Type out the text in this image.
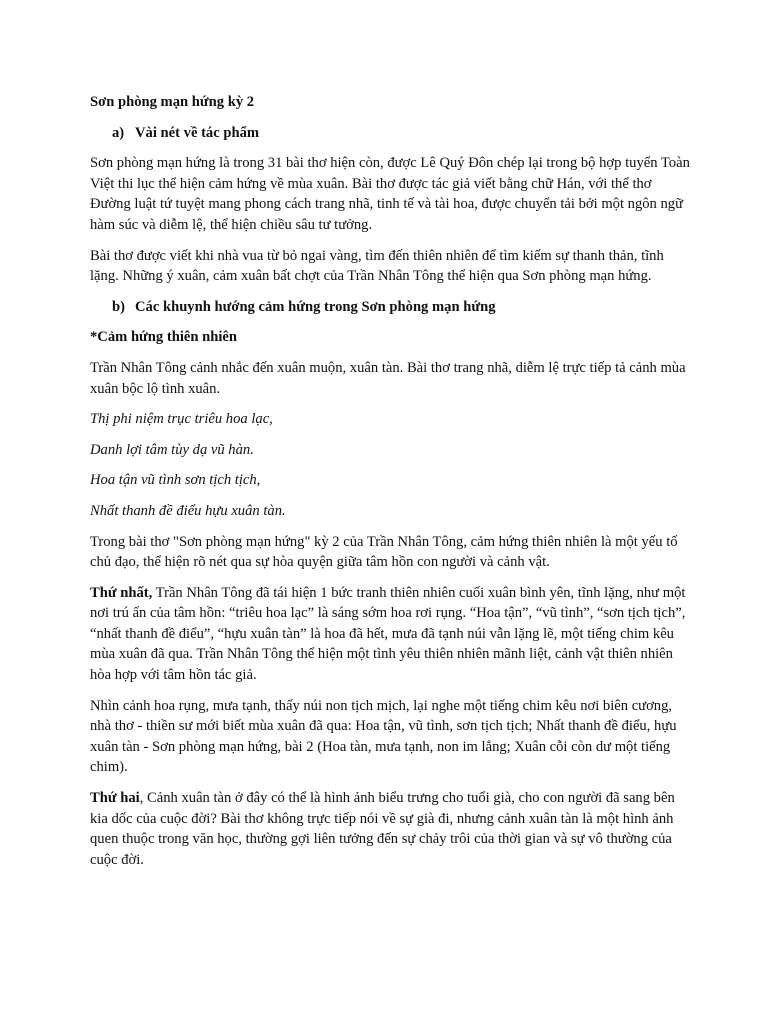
Sơn phòng mạn hứng kỳ 2

a) Vài nét về tác phẩm

Sơn phòng mạn hứng là trong 31 bài thơ hiện còn, được Lê Quý Đôn chép lại trong bộ hợp tuyển Toàn Việt thi lục thể hiện cảm hứng về mùa xuân. Bài thơ được tác giả viết bằng chữ Hán, với thể thơ Đường luật tứ tuyệt mang phong cách trang nhã, tinh tế và tài hoa, được chuyển tải bởi một ngôn ngữ hàm súc và diễm lệ, thể hiện chiều sâu tư tưởng.

Bài thơ được viết khi nhà vua từ bỏ ngai vàng, tìm đến thiên nhiên để tìm kiếm sự thanh thản, tĩnh lặng. Những ý xuân, cảm xuân bất chợt của Trần Nhân Tông thể hiện qua Sơn phòng mạn hứng.

b) Các khuynh hướng cảm hứng trong Sơn phòng mạn hứng

*Cảm hứng thiên nhiên

Trần Nhân Tông cảnh nhắc đến xuân muộn, xuân tàn. Bài thơ trang nhã, diễm lệ trực tiếp tả cảnh mùa xuân bộc lộ tình xuân.

Thị phi niệm trục triêu hoa lạc,

Danh lợi tâm tùy dạ vũ hàn.

Hoa tận vũ tình sơn tịch tịch,

Nhất thanh đề điểu hựu xuân tàn.

Trong bài thơ "Sơn phòng mạn hứng" kỳ 2 của Trần Nhân Tông, cảm hứng thiên nhiên là một yếu tố chủ đạo, thể hiện rõ nét qua sự hòa quyện giữa tâm hồn con người và cảnh vật.

Thứ nhất, Trần Nhân Tông đã tái hiện 1 bức tranh thiên nhiên cuối xuân bình yên, tĩnh lặng, như một nơi trú ẩn của tâm hồn: “triêu hoa lạc” là sáng sớm hoa rơi rụng. “Hoa tận”, “vũ tình”, “sơn tịch tịch”, “nhất thanh đề điểu”, “hựu xuân tàn” là hoa đã hết, mưa đã tạnh núi vẫn lặng lẽ, một tiếng chim kêu mùa xuân đã qua. Trần Nhân Tông thể hiện một tình yêu thiên nhiên mãnh liệt, cảnh vật thiên nhiên hòa hợp với tâm hồn tác giả.

Nhìn cảnh hoa rụng, mưa tạnh, thấy núi non tịch mịch, lại nghe một tiếng chim kêu nơi biên cương, nhà thơ - thiền sư mới biết mùa xuân đã qua: Hoa tận, vũ tình, sơn tịch tịch; Nhất thanh đề điểu, hựu xuân tàn - Sơn phòng mạn hứng, bài 2 (Hoa tàn, mưa tạnh, non im lẳng; Xuân cỗi còn dư một tiếng chim).

Thứ hai, Cảnh xuân tàn ở đây có thể là hình ảnh biểu trưng cho tuổi già, cho con người đã sang bên kia dốc của cuộc đời? Bài thơ không trực tiếp nói về sự già đi, nhưng cảnh xuân tàn là một hình ảnh quen thuộc trong văn học, thường gợi liên tưởng đến sự chảy trôi của thời gian và sự vô thường của cuộc đời.
